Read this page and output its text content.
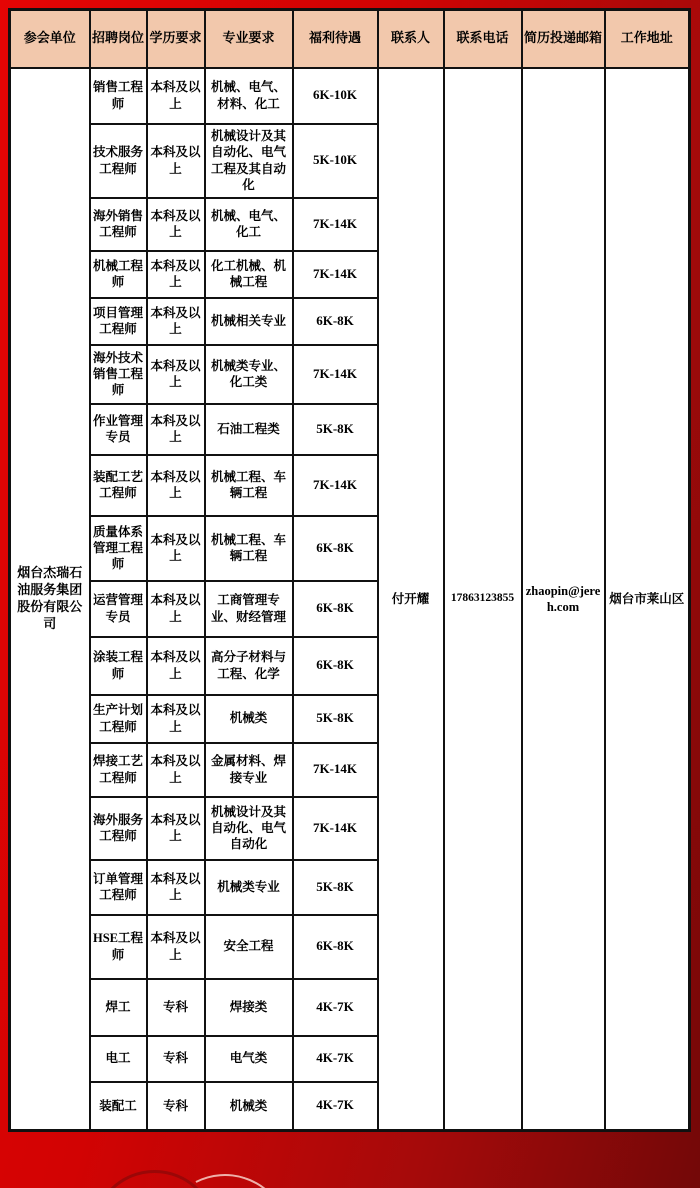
参会单位	招聘岗位	学历要求	专业要求	福利待遇	联系人	联系电话	简历投递邮箱	工作地址
烟台杰瑞石油服务集团股份有限公司	销售工程师	本科及以上	机械、电气、材料、化工	6K-10K	付开耀	17863123855	zhaopin@jereh.com	烟台市莱山区
	技术服务工程师	本科及以上	机械设计及其自动化、电气工程及其自动化	5K-10K				
	海外销售工程师	本科及以上	机械、电气、化工	7K-14K				
	机械工程师	本科及以上	化工机械、机械工程	7K-14K				
	项目管理工程师	本科及以上	机械相关专业	6K-8K				
	海外技术销售工程师	本科及以上	机械类专业、化工类	7K-14K				
	作业管理专员	本科及以上	石油工程类	5K-8K				
	装配工艺工程师	本科及以上	机械工程、车辆工程	7K-14K				
	质量体系管理工程师	本科及以上	机械工程、车辆工程	6K-8K				
	运营管理专员	本科及以上	工商管理专业、财经管理	6K-8K				
	涂装工程师	本科及以上	高分子材料与工程、化学	6K-8K				
	生产计划工程师	本科及以上	机械类	5K-8K				
	焊接工艺工程师	本科及以上	金属材料、焊接专业	7K-14K				
	海外服务工程师	本科及以上	机械设计及其自动化、电气自动化	7K-14K				
	订单管理工程师	本科及以上	机械类专业	5K-8K				
	HSE工程师	本科及以上	安全工程	6K-8K				
	焊工	专科	焊接类	4K-7K				
	电工	专科	电气类	4K-7K				
	装配工	专科	机械类	4K-7K				
